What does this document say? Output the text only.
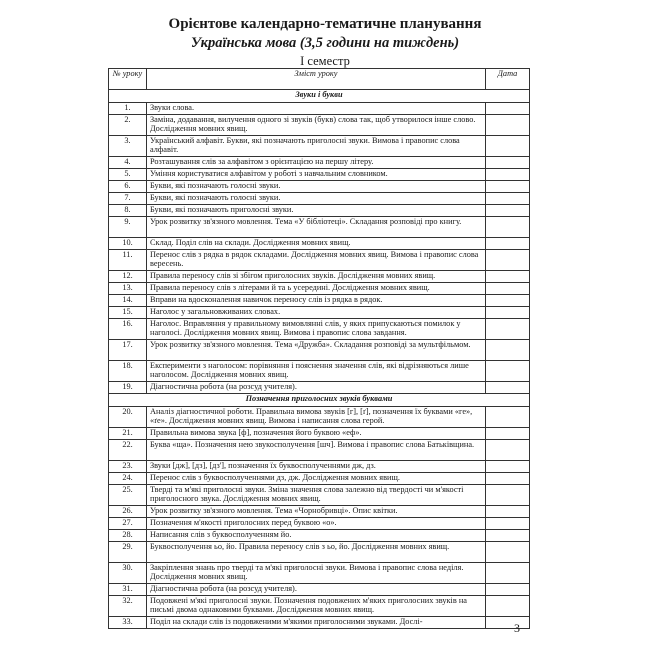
Орієнтове календарно-тематичне планування
Українська мова (3,5 години на тиждень)
I семестр
№ уроку	Зміст уроку	Дата
Звуки і букви		
1.	Звуки слова.	
2.	Заміна, додавання, вилучення одного зі звуків (букв) слова так, щоб утворилося інше слово. Дослідження мовних явищ.	
3.	Український алфавіт. Букви, які позначають приголосні звуки. Вимова і правопис слова алфавіт.	
4.	Розташування слів за алфавітом з орієнтацією на першу літеру.	
5.	Уміння користуватися алфавітом у роботі з навчальним словником.	
6.	Букви, які позначають голосні звуки.	
7.	Букви, які позначають голосні звуки.	
8.	Букви, які позначають приголосні звуки.	
9.	Урок розвитку зв'язного мовлення. Тема «У бібліотеці». Складання розповіді про книгу.	
10.	Склад. Поділ слів на склади. Дослідження мовних явищ.	
11.	Перенос слів з рядка в рядок складами. Дослідження мовних явищ. Вимова і правопис слова вересень.	
12.	Правила переносу слів зі збігом приголосних звуків. Дослідження мовних явищ.	
13.	Правила переносу слів з літерами й та ь усередині. Дослідження мовних явищ.	
14.	Вправи на вдосконалення навичок переносу слів із рядка в рядок.	
15.	Наголос у загальновживаних словах.	
16.	Наголос. Вправляння у правильному вимовлянні слів, у яких припускаються помилок у наголосі. Дослідження мовних явищ. Вимова і правопис слова завдання.	
17.	Урок розвитку зв'язного мовлення. Тема «Дружба». Складання розповіді за мультфільмом.	
18.	Експерименти з наголосом: порівняння і пояснення значення слів, які відрізняються лише наголосом. Дослідження мовних явищ.	
19.	Діагностична робота (на розсуд учителя).	
Позначення приголосних звуків буквами		
20.	Аналіз діагностичної роботи. Правильна вимова звуків [г], [ґ], позначення їх буквами «ге», «ґе». Дослідження мовних явищ. Вимова і написання слова герой.	
21.	Правильна вимова звука [ф], позначення його буквою «еф».	
22.	Буква «ща». Позначення нею звукосполучення [шч]. Вимова і правопис слова Батьківщина.	
23.	Звуки [дж], [дз], [дз'], позначення їх буквосполученнями дж, дз.	
24.	Перенос слів з буквосполученнями дз, дж. Дослідження мовних явищ.	
25.	Тверді та м'які приголосні звуки. Зміна значення слова залежно від твердості чи м'якості приголосного звука. Дослідження мовних явищ.	
26.	Урок розвитку зв'язного мовлення. Тема «Чорнобривці». Опис квітки.	
27.	Позначення м'якості приголосних перед буквою «о».	
28.	Написання слів з буквосполученням йо.	
29.	Буквосполучення ьо, йо. Правила переносу слів з ьо, йо. Дослідження мовних явищ.	
30.	Закріплення знань про тверді та м'які приголосні звуки. Вимова і правопис слова неділя. Дослідження мовних явищ.	
31.	Діагностична робота (на розсуд учителя).	
32.	Подовжені м'які приголосні звуки. Позначення подовжених м'яких приголосних звуків на письмі двома однаковими буквами. Дослідження мовних явищ.	
33.	Поділ на склади слів із подовженими м'якими приголосними звуками. Дослі-		3
